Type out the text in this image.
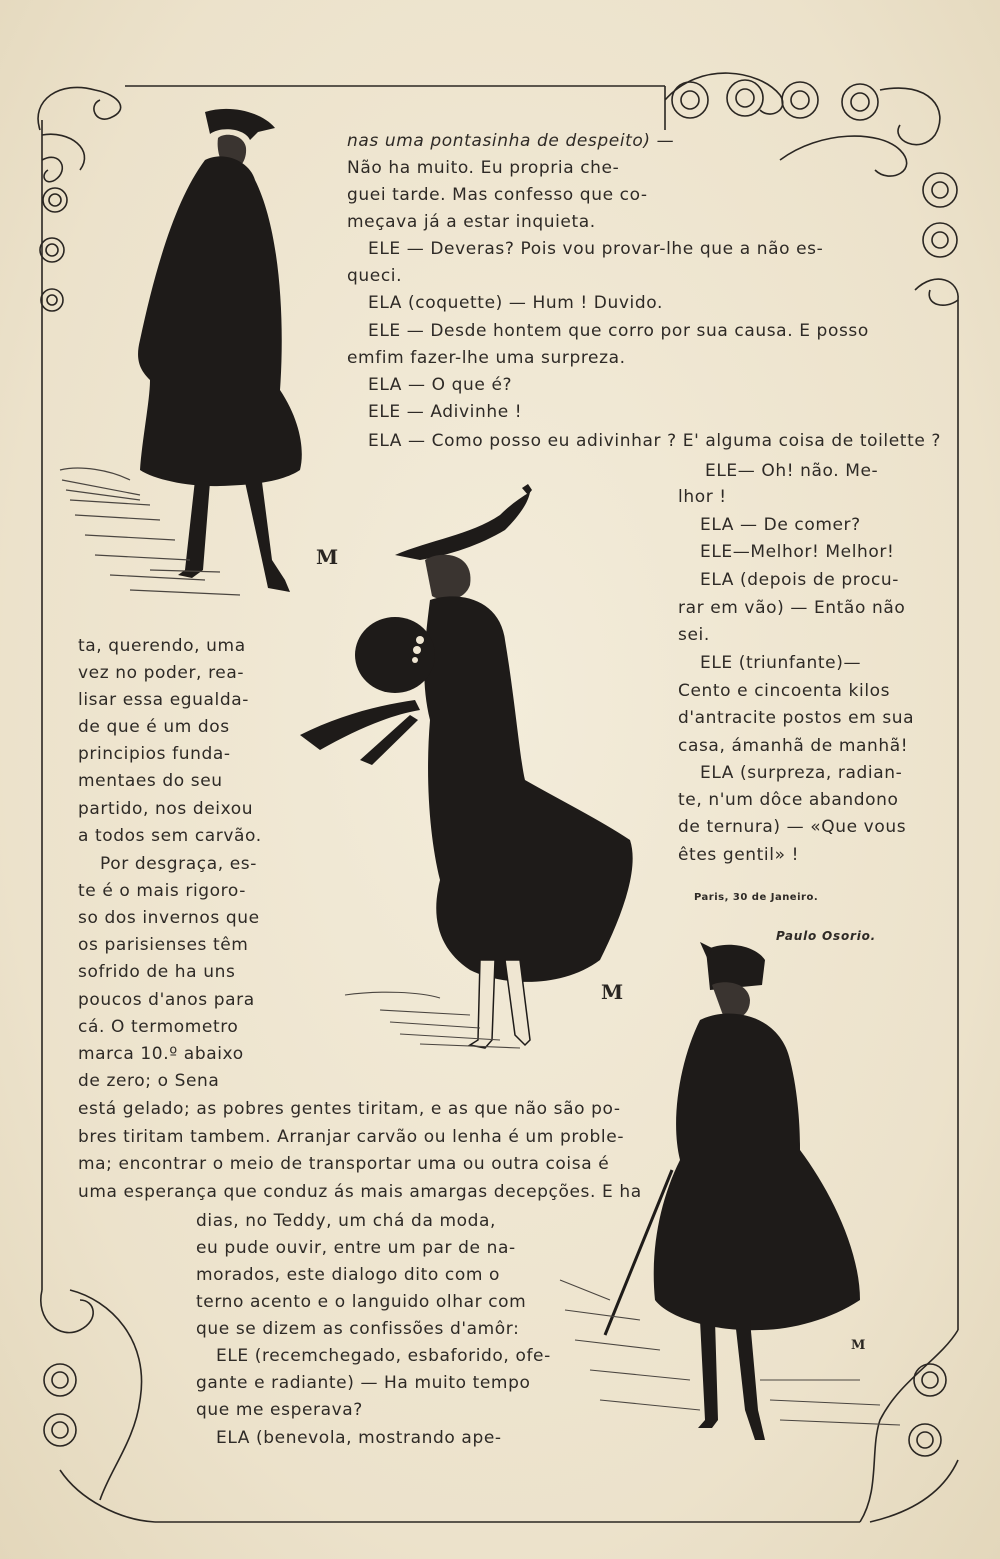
M
M
M

nas uma pontasinha de despeito) —

Não ha muito. Eu propria che-

guei tarde. Mas confesso que co-

meçava já a estar inquieta.

ELE — Deveras? Pois vou provar-lhe que a não es-

queci.

ELA (coquette) — Hum ! Duvido.

ELE — Desde hontem que corro por sua causa. E posso

emfim fazer-lhe uma surpreza.

ELA — O que é?

ELE — Adivinhe !

ELA — Como posso eu adivinhar ? E' alguma coisa de toilette ?

ELE— Oh! não. Me-

lhor !

ELA — De comer?

ELE—Melhor! Melhor!

ELA (depois de procu-

rar em vão) — Então não

sei.

ELE (triunfante)—

Cento e cincoenta kilos

d'antracite postos em sua

casa, ámanhã de manhã!

ELA (surpreza, radian-

te, n'um dôce abandono

de ternura) — «Que vous

êtes gentil» !

Paris, 30 de Janeiro.

Paulo Osorio.

ta, querendo, uma

vez no poder, rea-

lisar essa egualda-

de que é um dos

principios funda-

mentaes do seu

partido, nos deixou

a todos sem carvão.

Por desgraça, es-

te é o mais rigoro-

so dos invernos que

os parisienses têm

sofrido de ha uns

poucos d'anos para

cá. O termometro

marca 10.º abaixo

de zero; o Sena

está gelado; as pobres gentes tiritam, e as que não são po-

bres tiritam tambem. Arranjar carvão ou lenha é um proble-

ma; encontrar o meio de transportar uma ou outra coisa é

uma esperança que conduz ás mais amargas decepções. E ha

dias, no Teddy, um chá da moda,

eu pude ouvir, entre um par de na-

morados, este dialogo dito com o

terno acento e o languido olhar com

que se dizem as confissões d'amôr:

ELE (recemchegado, esbaforido, ofe-

gante e radiante) — Ha muito tempo

que me esperava?

ELA (benevola, mostrando ape-
